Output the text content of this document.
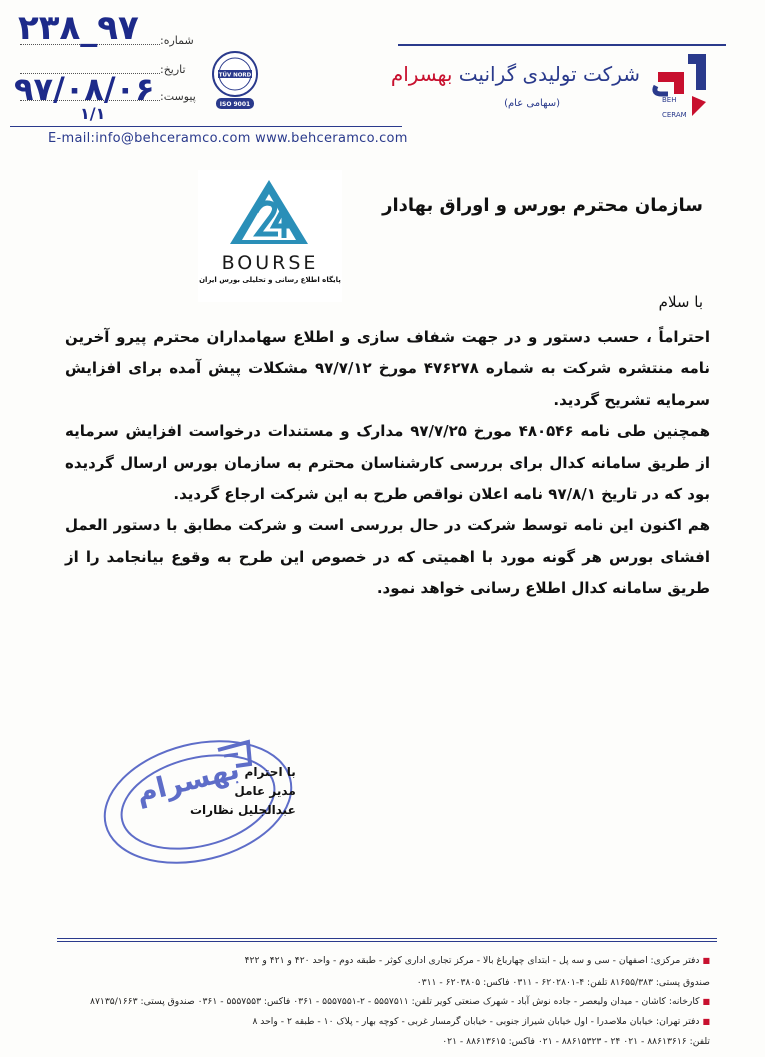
شماره:
تاریخ:
پیوست:
۹۷_۲۳۸
۹۷/۰۸/۰۶
۱/۱
TÜV NORD
ISO 9001
شرکت تولیدی گرانیت بهسرام
(سهامی عام)	BEH
CERAM
E-mail:info@behceramco.com www.behceramco.com
BOURSE
پایگاه اطلاع رسانی و تحلیلی بورس ایران
سازمان محترم بورس و اوراق بهادار
با سلام

احتراماً ، حسب دستور و در جهت شفاف سازی و اطلاع سهامداران محترم پیرو آخرین نامه منتشره شرکت به شماره ۴۷۶۲۷۸ مورخ ۹۷/۷/۱۲ مشکلات پیش آمده برای افزایش سرمایه تشریح گردید.

همچنین طی نامه ۴۸۰۵۴۶ مورخ ۹۷/۷/۲۵ مدارک و مستندات درخواست افزایش سرمایه از طریق سامانه کدال برای بررسی کارشناسان محترم به سازمان بورس ارسال گردیده بود که در تاریخ ۹۷/۸/۱ نامه اعلان نواقص طرح به این شرکت ارجاع گردید.

هم اکنون این نامه توسط شرکت در حال بررسی است و شرکت مطابق با دستور العمل افشای بورس هر گونه مورد با اهمیتی که در خصوص این طرح به وقوع بیانجامد را از طریق سامانه کدال اطلاع رسانی خواهد نمود.

بهسرام با احترام
مدیر عامل
عبدالجلیل نظارات
■ دفتر مرکزی: اصفهان - سی و سه پل - ابتدای چهارباغ بالا - مرکز تجاری اداری کوثر - طبقه دوم - واحد ۴۲۰ و ۴۲۱ و ۴۲۲
صندوق پستی: ۸۱۶۵۵/۳۸۳ تلفن: ۴-۶۲۰۲۸۰۱ - ۰۳۱۱ فاکس: ۶۲۰۳۸۰۵ - ۰۳۱۱
■ کارخانه: کاشان - میدان ولیعصر - جاده نوش آباد - شهرک صنعتی کویر تلفن: ۵۵۵۷۵۱۱ - ۲-۵۵۵۷۵۵۱ - ۰۳۶۱ فاکس: ۵۵۵۷۵۵۳ - ۰۳۶۱ صندوق پستی: ۸۷۱۳۵/۱۶۶۳
■ دفتر تهران: خیابان ملاصدرا - اول خیابان شیراز جنوبی - خیابان گرمسار غربی - کوچه بهار - پلاک ۱۰ - طبقه ۲ - واحد ۸
تلفن: ۸۸۶۱۳۶۱۶ - ۰۲۱ ۲۴ - ۸۸۶۱۵۳۲۳ - ۰۲۱ فاکس: ۸۸۶۱۳۶۱۵ - ۰۲۱
